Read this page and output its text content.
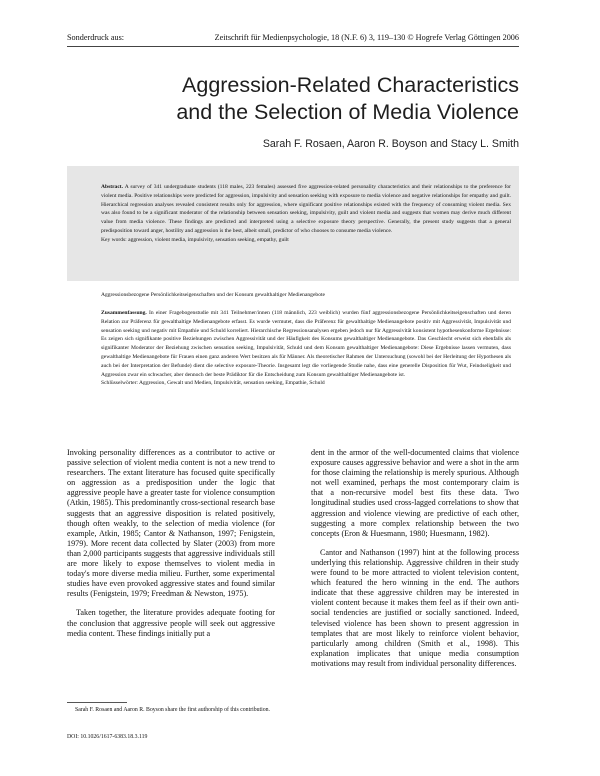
Sonderdruck aus:	Zeitschrift für Medienpsychologie, 18 (N.F. 6) 3, 119–130 © Hogrefe Verlag Göttingen 2006
Aggression-Related Characteristics
and the Selection of Media Violence
Sarah F. Rosaen, Aaron R. Boyson and Stacy L. Smith
Abstract. A survey of 341 undergraduate students (118 males, 223 females) assessed five aggression-related personality characteristics and their relationships to the preference for violent media. Positive relationships were predicted for aggression, impulsivity and sensation seeking with exposure to media violence and negative relationships for empathy and guilt. Hierarchical regression analyses revealed consistent results only for aggression, where significant positive relationships existed with the frequency of consuming violent media. Sex was also found to be a significant moderator of the relationship between sensation seeking, impulsivity, guilt and violent media and suggests that women may derive much different value from media violence. These findings are predicted and interpreted using a selective exposure theory perspective. Generally, the present study suggests that a general predisposition toward anger, hostility and aggression is the best, albeit small, predictor of who chooses to consume media violence.
Key words: aggression, violent media, impulsivity, sensation seeking, empathy, guilt
Aggressionsbezogene Persönlichkeitseigenschaften und der Konsum gewalthaltiger Medienangebote
Zusammenfassung. In einer Fragebogenstudie mit 341 Teilnehmer/innen (118 männlich, 223 weiblich) wurden fünf aggressionsbezogene Persönlichkeitseigenschaften und deren Relation zur Präferenz für gewalthaltige Medienangebote erfasst. Es wurde vermutet, dass die Präferenz für gewalthaltige Medienangebote positiv mit Aggressivität, Impulsivität und sensation seeking und negativ mit Empathie und Schuld korreliert. Hierarchische Regressionsanalysen ergeben jedoch nur für Aggressivität konsistent hypothesenkonforme Ergebnisse: Es zeigen sich signifikante positive Beziehungen zwischen Aggressivität und der Häufigkeit des Konsums gewalthaltiger Medienangebote. Das Geschlecht erweist sich ebenfalls als signifikanter Moderator der Beziehung zwischen sensation seeking, Impulsivität, Schuld und dem Konsum gewalthaltiger Medienangebote: Diese Ergebnisse lassen vermuten, dass gewalthaltige Medienangebote für Frauen einen ganz anderen Wert besitzen als für Männer. Als theoretischer Rahmen der Untersuchung (sowohl bei der Herleitung der Hypothesen als auch bei der Interpretation der Befunde) dient die selective exposure-Theorie. Insgesamt legt die vorliegende Studie nahe, dass eine generelle Disposition für Wut, Feindseligkeit und Aggression zwar ein schwacher, aber dennoch der beste Prädiktor für die Entscheidung zum Konsum gewalthaltiger Medienangebote ist.
Schlüsselwörter: Aggression, Gewalt und Medien, Impulsivität, sensation seeking, Empathie, Schuld

Invoking personality differences as a contributor to active or passive selection of violent media content is not a new trend to researchers. The extant literature has focused quite specifically on aggression as a predisposition under the logic that aggressive people have a greater taste for violence consumption (Atkin, 1985). This predominantly cross-sectional research base suggests that an aggressive disposition is related positively, though often weakly, to the selection of media violence (for example, Atkin, 1985; Cantor & Nathanson, 1997; Fenigstein, 1979). More recent data collected by Slater (2003) from more than 2,000 participants suggests that aggressive individuals still are more likely to expose themselves to violent media in today's more diverse media milieu. Further, some experimental studies have even provoked aggressive states and found similar results (Fenigstein, 1979; Freedman & Newston, 1975).

Taken together, the literature provides adequate footing for the conclusion that aggressive people will seek out aggressive media content. These findings initially put a

dent in the armor of the well-documented claims that violence exposure causes aggressive behavior and were a shot in the arm for those claiming the relationship is merely spurious. Although not well examined, perhaps the most contemporary claim is that a non-recursive model best fits these data. Two longitudinal studies used cross-lagged correlations to show that aggression and violence viewing are predictive of each other, suggesting a more complex relationship between the two concepts (Eron & Huesmann, 1980; Huesmann, 1982).

Cantor and Nathanson (1997) hint at the following process underlying this relationship. Aggressive children in their study were found to be more attracted to violent television content, which featured the hero winning in the end. The authors indicate that these aggressive children may be interested in violent content because it makes them feel as if their own anti-social tendencies are justified or socially sanctioned. Indeed, televised violence has been shown to present aggression in templates that are most likely to reinforce violent behavior, particularly among children (Smith et al., 1998). This explanation implicates that unique media consumption motivations may result from individual personality differences.

Sarah F. Rosaen and Aaron R. Boyson share the first authorship of this contribution.
DOI: 10.1026/1617-6383.18.3.119
